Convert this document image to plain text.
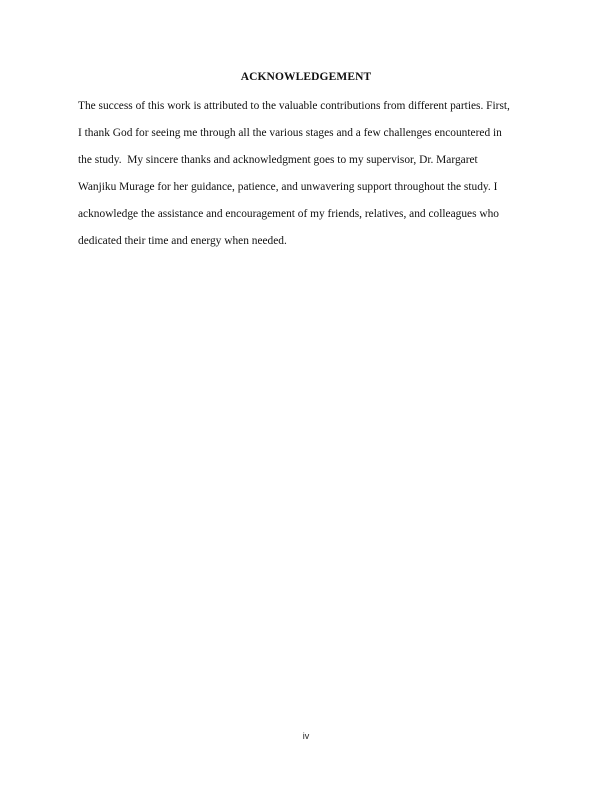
ACKNOWLEDGEMENT
The success of this work is attributed to the valuable contributions from different parties. First,
I thank God for seeing me through all the various stages and a few challenges encountered in
the study.  My sincere thanks and acknowledgment goes to my supervisor, Dr. Margaret
Wanjiku Murage for her guidance, patience, and unwavering support throughout the study. I
acknowledge the assistance and encouragement of my friends, relatives, and colleagues who
dedicated their time and energy when needed.
iv
